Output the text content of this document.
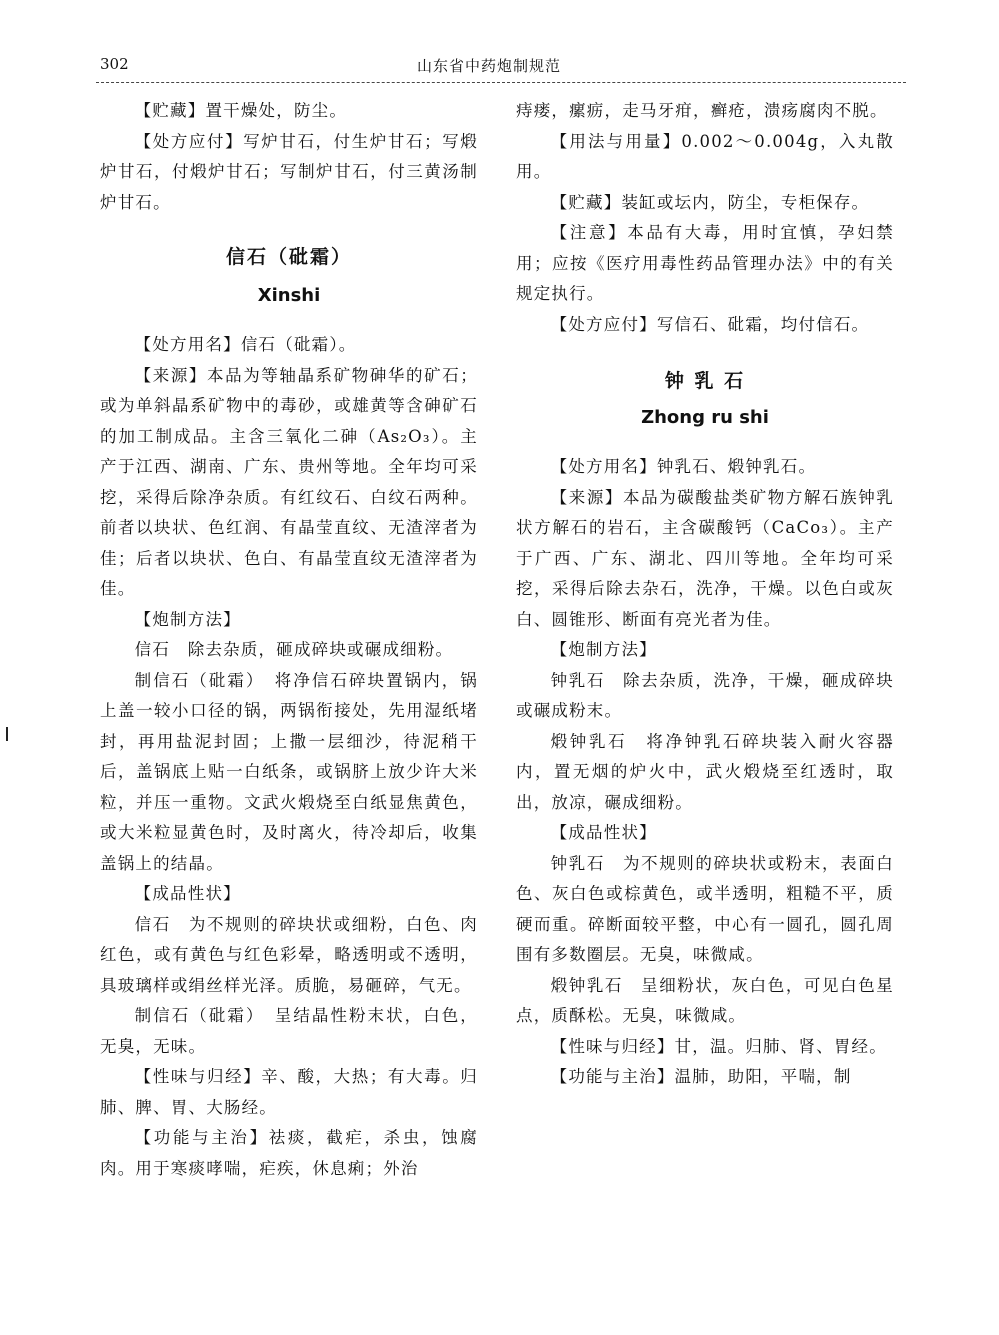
302	山东省中药炮制规范

【贮藏】置干燥处，防尘。

【处方应付】写炉甘石，付生炉甘石；写煅炉甘石，付煅炉甘石；写制炉甘石，付三黄汤制炉甘石。

信石（砒霜）

Xinshi

【处方用名】信石（砒霜）。

【来源】本品为等轴晶系矿物砷华的矿石；或为单斜晶系矿物中的毒砂，或雄黄等含砷矿石的加工制成品。主含三氧化二砷（As₂O₃）。主产于江西、湖南、广东、贵州等地。全年均可采挖，采得后除净杂质。有红纹石、白纹石两种。前者以块状、色红润、有晶莹直纹、无渣滓者为佳；后者以块状、色白、有晶莹直纹无渣滓者为佳。

【炮制方法】

信石　除去杂质，砸成碎块或碾成细粉。

制信石（砒霜）　将净信石碎块置锅内，锅上盖一较小口径的锅，两锅衔接处，先用湿纸堵封，再用盐泥封固；上撒一层细沙，待泥稍干后，盖锅底上贴一白纸条，或锅脐上放少许大米粒，并压一重物。文武火煅烧至白纸显焦黄色，或大米粒显黄色时，及时离火，待冷却后，收集盖锅上的结晶。

【成品性状】

信石　为不规则的碎块状或细粉，白色、肉红色，或有黄色与红色彩晕，略透明或不透明，具玻璃样或绢丝样光泽。质脆，易砸碎，气无。

制信石（砒霜）　呈结晶性粉末状，白色，无臭，无味。

【性味与归经】辛、酸，大热；有大毒。归肺、脾、胃、大肠经。

【功能与主治】祛痰，截疟，杀虫，蚀腐肉。用于寒痰哮喘，疟疾，休息痢；外治

痔瘘，瘰疬，走马牙疳，癣疮，溃疡腐肉不脱。

【用法与用量】0.002～0.004g，入丸散用。

【贮藏】装缸或坛内，防尘，专柜保存。

【注意】本品有大毒，用时宜慎，孕妇禁用；应按《医疗用毒性药品管理办法》中的有关规定执行。

【处方应付】写信石、砒霜，均付信石。

钟 乳 石

Zhong ru shi

【处方用名】钟乳石、煅钟乳石。

【来源】本品为碳酸盐类矿物方解石族钟乳状方解石的岩石，主含碳酸钙（CaCo₃）。主产于广西、广东、湖北、四川等地。全年均可采挖，采得后除去杂石，洗净，干燥。以色白或灰白、圆锥形、断面有亮光者为佳。

【炮制方法】

钟乳石　除去杂质，洗净，干燥，砸成碎块或碾成粉末。

煅钟乳石　将净钟乳石碎块装入耐火容器内，置无烟的炉火中，武火煅烧至红透时，取出，放凉，碾成细粉。

【成品性状】

钟乳石　为不规则的碎块状或粉末，表面白色、灰白色或棕黄色，或半透明，粗糙不平，质硬而重。碎断面较平整，中心有一圆孔，圆孔周围有多数圈层。无臭，味微咸。

煅钟乳石　呈细粉状，灰白色，可见白色星点，质酥松。无臭，味微咸。

【性味与归经】甘，温。归肺、肾、胃经。

【功能与主治】温肺，助阳，平喘，制
